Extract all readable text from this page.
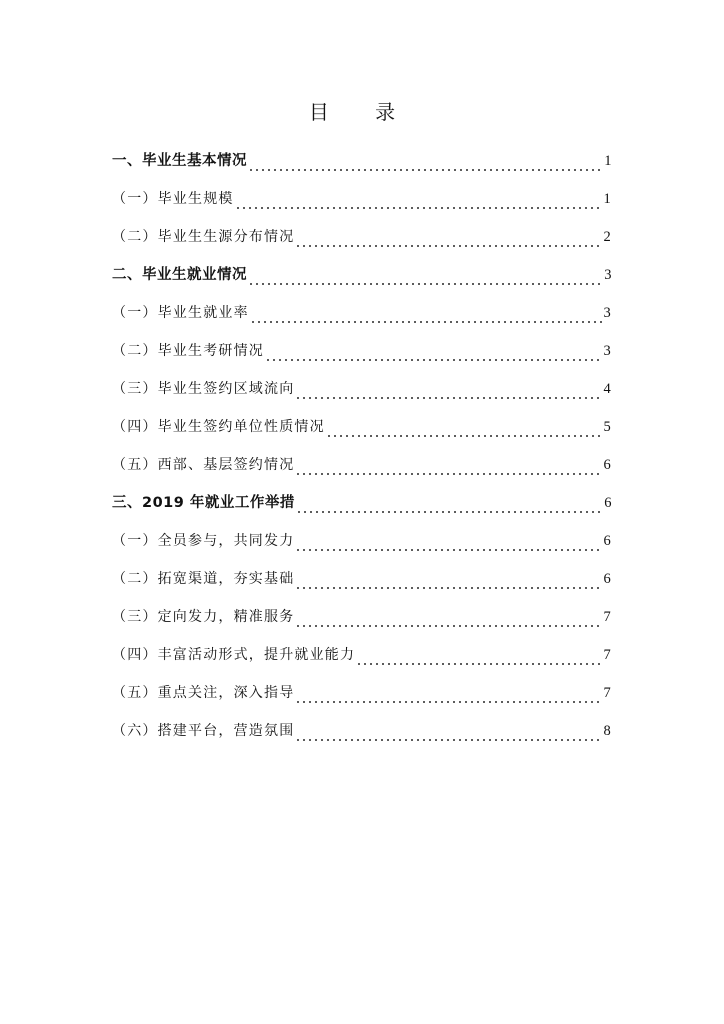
目 录
一、毕业生基本情况	1
（一）毕业生规模	1
（二）毕业生生源分布情况	2
二、毕业生就业情况	3
（一）毕业生就业率	3
（二）毕业生考研情况	3
（三）毕业生签约区域流向	4
（四）毕业生签约单位性质情况	5
（五）西部、基层签约情况	6
三、2019 年就业工作举措	6
（一）全员参与，共同发力	6
（二）拓宽渠道，夯实基础	6
（三）定向发力，精准服务	7
（四）丰富活动形式，提升就业能力	7
（五）重点关注，深入指导	7
（六）搭建平台，营造氛围	8
